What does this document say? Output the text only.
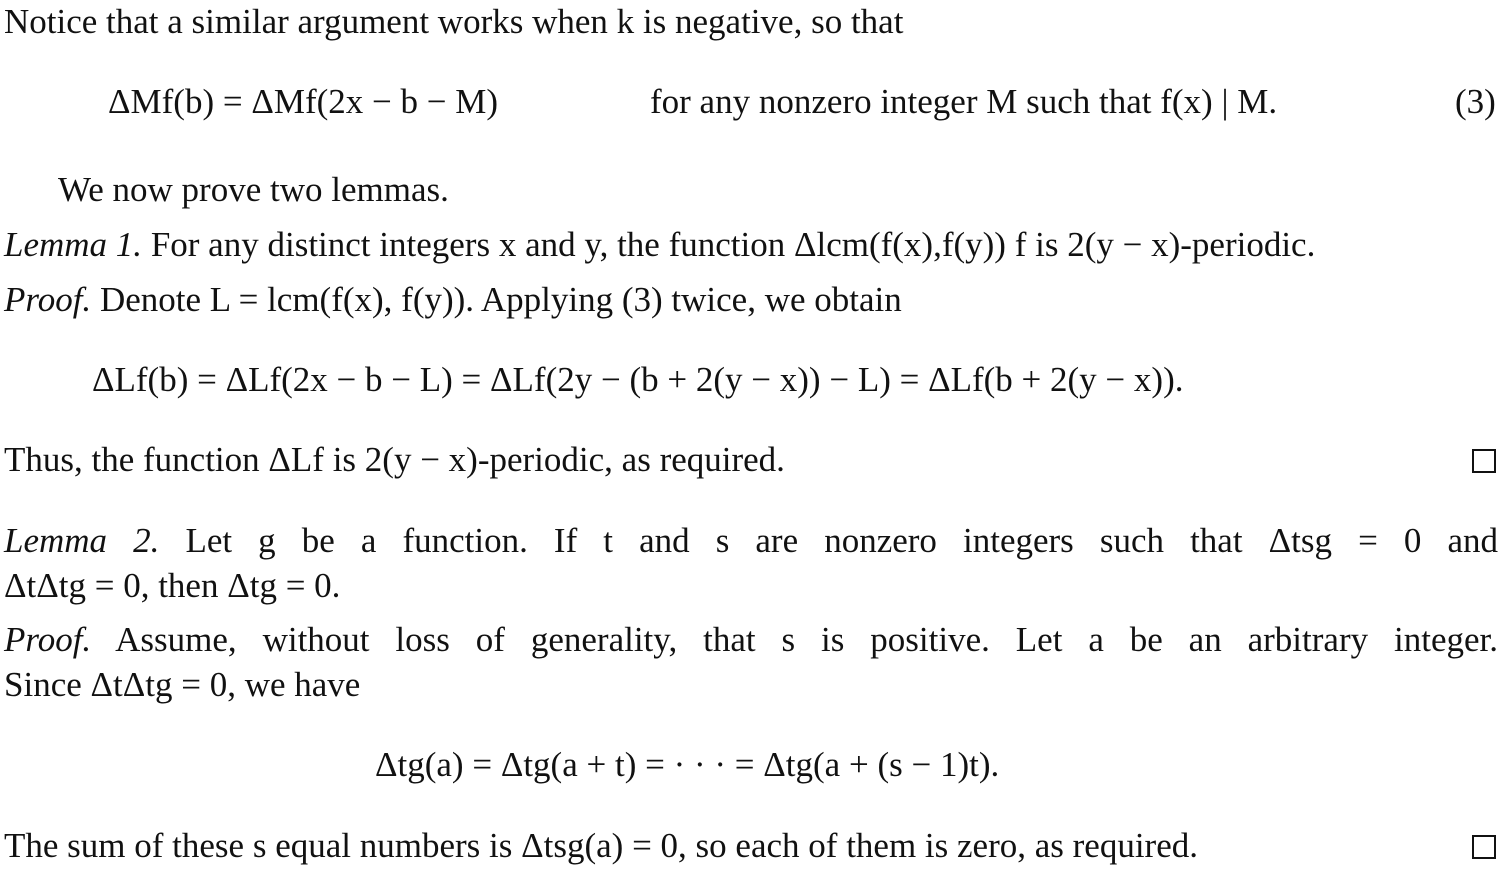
Notice that a similar argument works when k is negative, so that
ΔMf(b) = ΔMf(2x − b − M)	for any nonzero integer M such that f(x) | M.	(3)
We now prove two lemmas.
Lemma 1. For any distinct integers x and y, the function Δlcm(f(x),f(y)) f is 2(y − x)-periodic.
Proof. Denote L = lcm(f(x), f(y)). Applying (3) twice, we obtain
ΔLf(b) = ΔLf(2x − b − L) = ΔLf(2y − (b + 2(y − x)) − L) = ΔLf(b + 2(y − x)).
Thus, the function ΔLf is 2(y − x)-periodic, as required.
Lemma 2. Let g be a function. If t and s are nonzero integers such that Δtsg = 0 and
ΔtΔtg = 0, then Δtg = 0.
Proof. Assume, without loss of generality, that s is positive. Let a be an arbitrary integer.
Since ΔtΔtg = 0, we have
Δtg(a) = Δtg(a + t) = · · · = Δtg(a + (s − 1)t).
The sum of these s equal numbers is Δtsg(a) = 0, so each of them is zero, as required.
